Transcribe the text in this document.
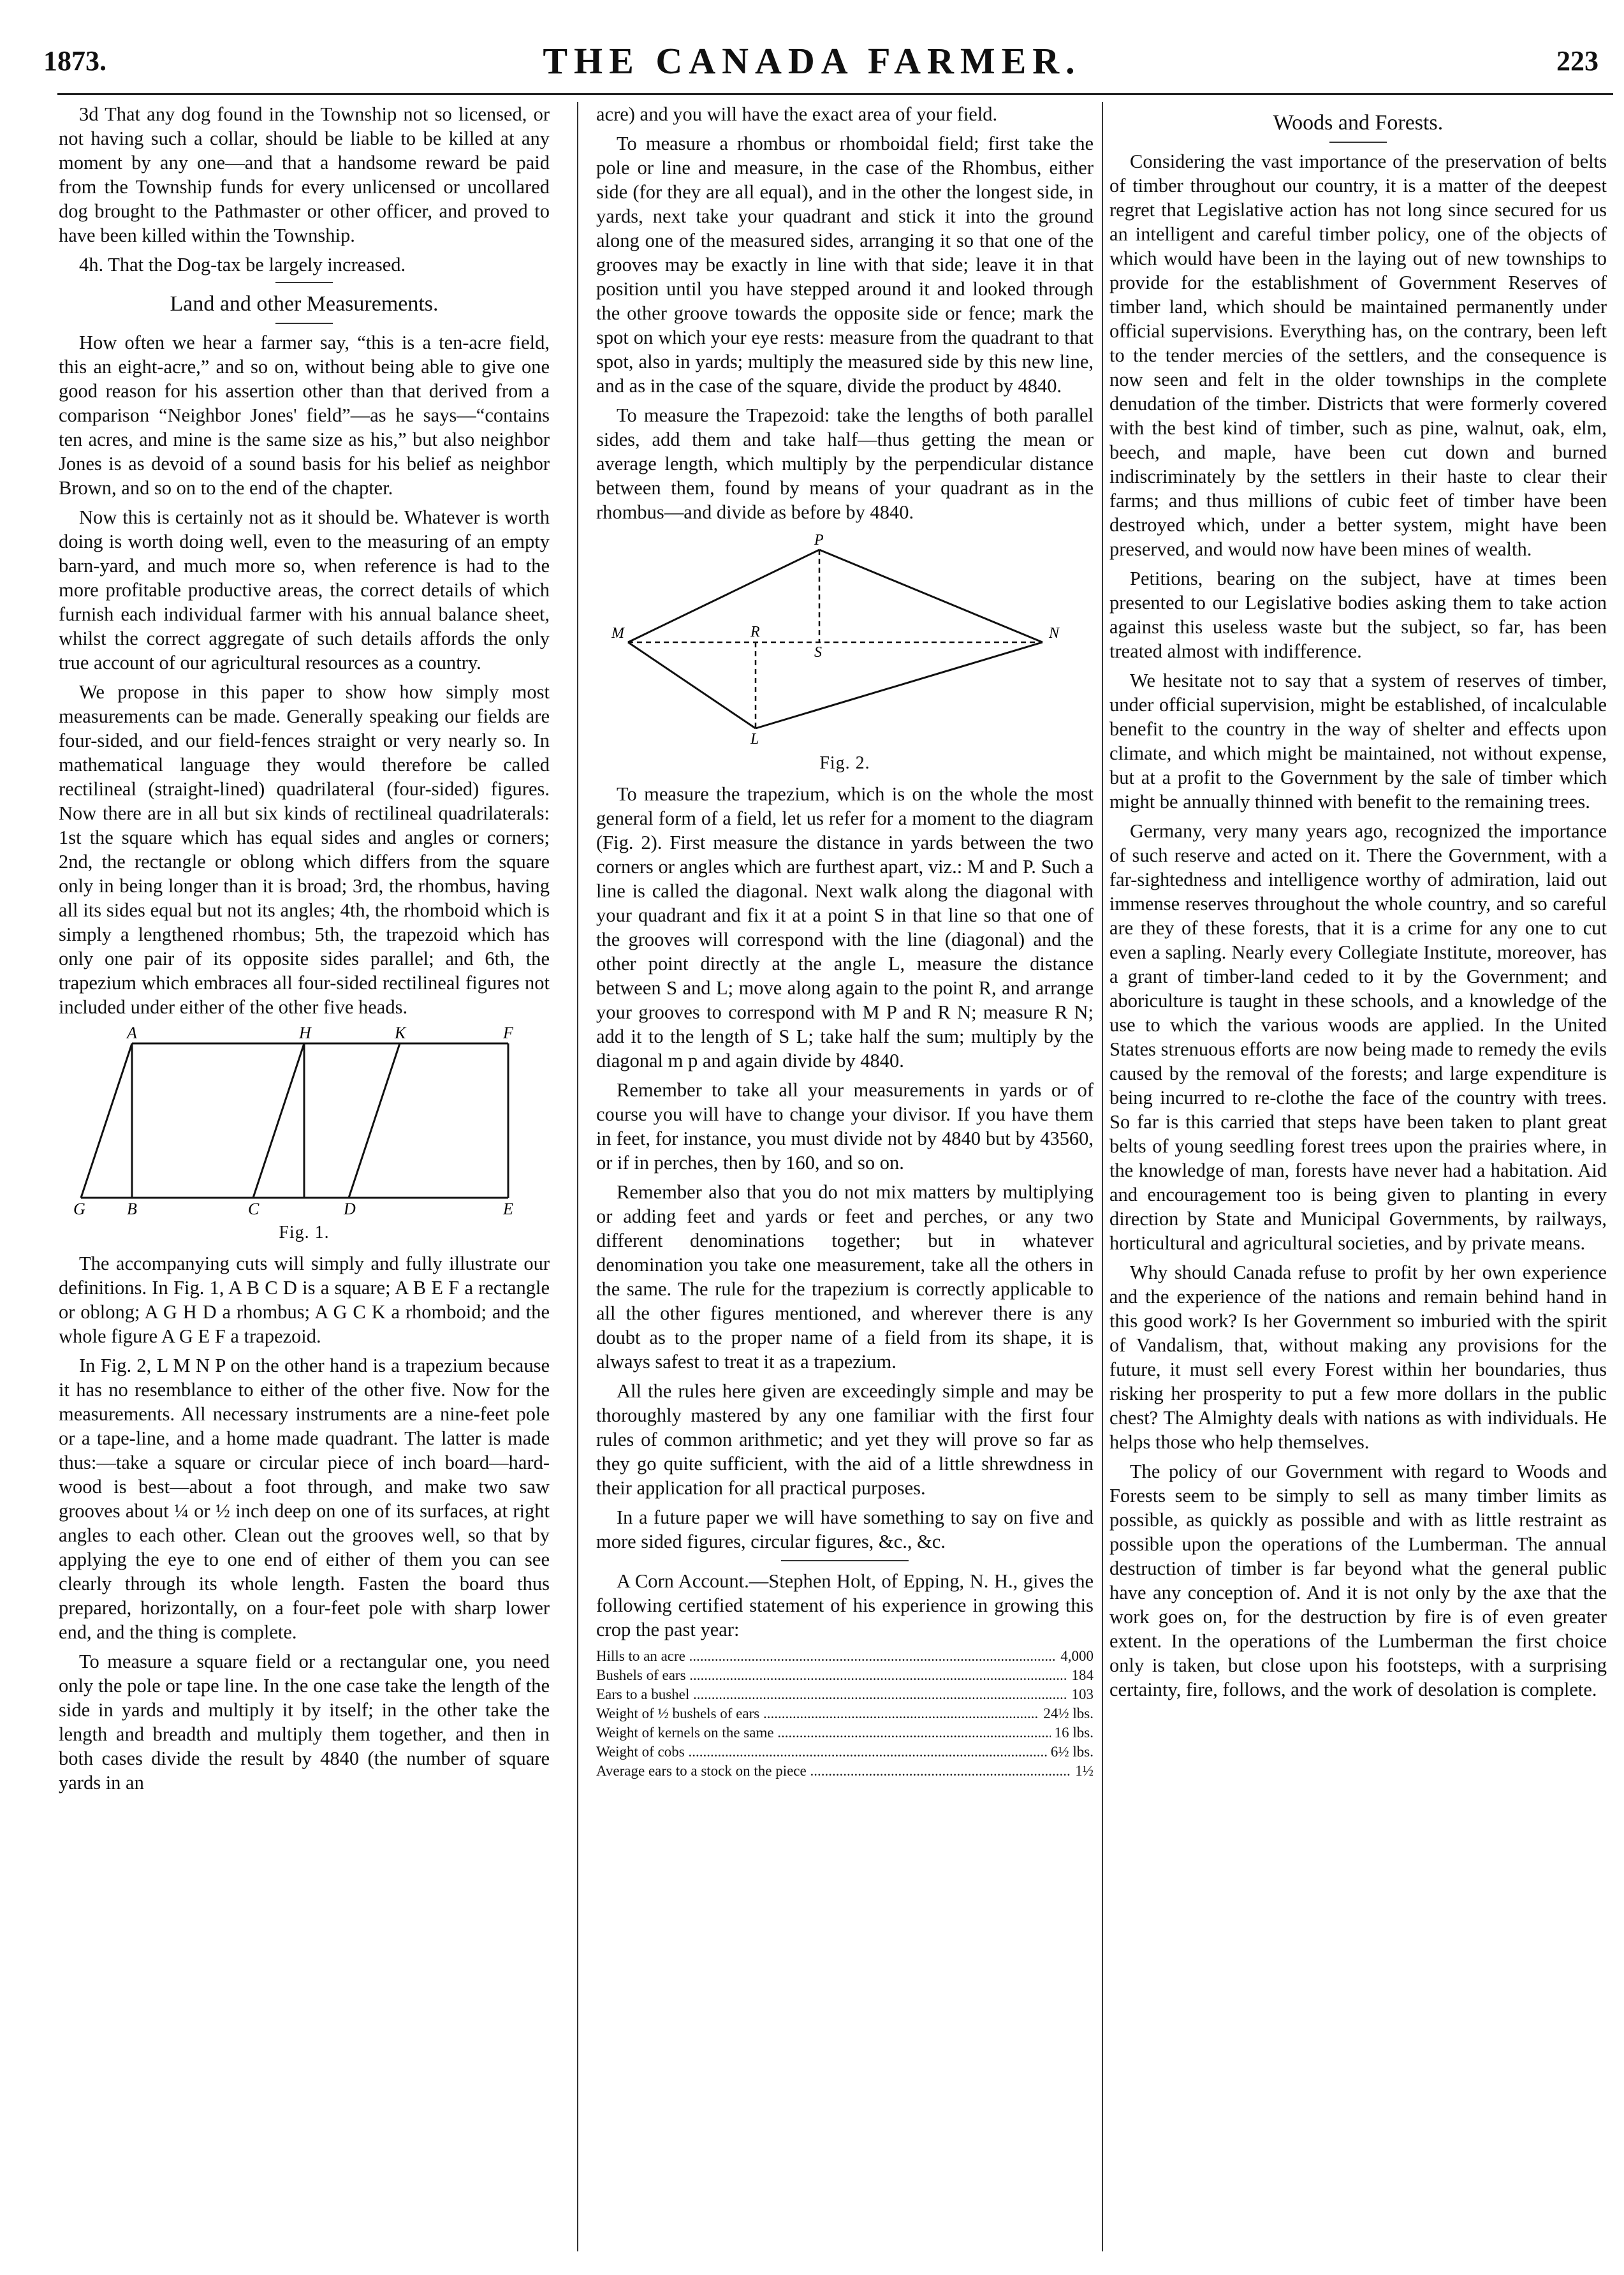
1873.	THE CANADA FARMER.	223

3d That any dog found in the Township not so licensed, or not having such a collar, should be liable to be killed at any moment by any one—and that a handsome reward be paid from the Township funds for every unlicensed or uncollared dog brought to the Pathmaster or other officer, and proved to have been killed within the Township.

4h. That the Dog-tax be largely increased.

Land and other Measurements.

How often we hear a farmer say, “this is a ten-acre field, this an eight-acre,” and so on, without being able to give one good reason for his assertion other than that derived from a comparison “Neighbor Jones' field”—as he says—“contains ten acres, and mine is the same size as his,” but also neighbor Jones is as devoid of a sound basis for his belief as neighbor Brown, and so on to the end of the chapter.

Now this is certainly not as it should be. Whatever is worth doing is worth doing well, even to the measuring of an empty barn-yard, and much more so, when reference is had to the more profitable productive areas, the correct details of which furnish each individual farmer with his annual balance sheet, whilst the correct aggregate of such details affords the only true account of our agricultural resources as a country.

We propose in this paper to show how simply most measurements can be made. Generally speaking our fields are four-sided, and our field-fences straight or very nearly so. In mathematical language they would therefore be called rectilineal (straight-lined) quadrilateral (four-sided) figures. Now there are in all but six kinds of rectilineal quadrilaterals: 1st the square which has equal sides and angles or corners; 2nd, the rectangle or oblong which differs from the square only in being longer than it is broad; 3rd, the rhombus, having all its sides equal but not its angles; 4th, the rhomboid which is simply a lengthened rhombus; 5th, the trapezoid which has only one pair of its opposite sides parallel; and 6th, the trapezium which embraces all four-sided rectilineal figures not included under either of the other five heads.

A	H	K	F
G	B	C	D	E
Fig. 1.

The accompanying cuts will simply and fully illustrate our definitions. In Fig. 1, A B C D is a square; A B E F a rectangle or oblong; A G H D a rhombus; A G C K a rhomboid; and the whole figure A G E F a trapezoid.

In Fig. 2, L M N P on the other hand is a trapezium because it has no resemblance to either of the other five. Now for the measurements. All necessary instruments are a nine-feet pole or a tape-line, and a home made quadrant. The latter is made thus:—take a square or circular piece of inch board—hard-wood is best—about a foot through, and make two saw grooves about ¼ or ½ inch deep on one of its surfaces, at right angles to each other. Clean out the grooves well, so that by applying the eye to one end of either of them you can see clearly through its whole length. Fasten the board thus prepared, horizontally, on a four-feet pole with sharp lower end, and the thing is complete.

To measure a square field or a rectangular one, you need only the pole or tape line. In the one case take the length of the side in yards and multiply it by itself; in the other take the length and breadth and multiply them together, and then in both cases divide the result by 4840 (the number of square yards in an

acre) and you will have the exact area of your field.

To measure a rhombus or rhomboidal field; first take the pole or line and measure, in the case of the Rhombus, either side (for they are all equal), and in the other the longest side, in yards, next take your quadrant and stick it into the ground along one of the measured sides, arranging it so that one of the grooves may be exactly in line with that side; leave it in that position until you have stepped around it and looked through the other groove towards the opposite side or fence; mark the spot on which your eye rests: measure from the quadrant to that spot, also in yards; multiply the measured side by this new line, and as in the case of the square, divide the product by 4840.

To measure the Trapezoid: take the lengths of both parallel sides, add them and take half—thus getting the mean or average length, which multiply by the perpendicular distance between them, found by means of your quadrant as in the rhombus—and divide as before by 4840.

P
M	R
S
N
L
Fig. 2.

To measure the trapezium, which is on the whole the most general form of a field, let us refer for a moment to the diagram (Fig. 2). First measure the distance in yards between the two corners or angles which are furthest apart, viz.: M and P. Such a line is called the diagonal. Next walk along the diagonal with your quadrant and fix it at a point S in that line so that one of the grooves will correspond with the line (diagonal) and the other point directly at the angle L, measure the distance between S and L; move along again to the point R, and arrange your grooves to correspond with M P and R N; measure R N; add it to the length of S L; take half the sum; multiply by the diagonal m p and again divide by 4840.

Remember to take all your measurements in yards or of course you will have to change your divisor. If you have them in feet, for instance, you must divide not by 4840 but by 43560, or if in perches, then by 160, and so on.

Remember also that you do not mix matters by multiplying or adding feet and yards or feet and perches, or any two different denominations together; but in whatever denomination you take one measurement, take all the others in the same. The rule for the trapezium is correctly applicable to all the other figures mentioned, and wherever there is any doubt as to the proper name of a field from its shape, it is always safest to treat it as a trapezium.

All the rules here given are exceedingly simple and may be thoroughly mastered by any one familiar with the first four rules of common arithmetic; and yet they will prove so far as they go quite sufficient, with the aid of a little shrewdness in their application for all practical purposes.

In a future paper we will have something to say on five and more sided figures, circular figures, &c., &c.

A Corn Account.—Stephen Holt, of Epping, N. H., gives the following certified statement of his experience in growing this crop the past year:

Hills to an acre .....	4,000
Bushels of ears .....	184
Ears to a bushel .....	103
Weight of ½ bushels of ears .....	24½ lbs.
Weight of kernels on the same .....	16 lbs.
Weight of cobs .....	6½ lbs.
Average ears to a stock on the piece .....	1½
Woods and Forests.

Considering the vast importance of the preservation of belts of timber throughout our country, it is a matter of the deepest regret that Legislative action has not long since secured for us an intelligent and careful timber policy, one of the objects of which would have been in the laying out of new townships to provide for the establishment of Government Reserves of timber land, which should be maintained permanently under official supervisions. Everything has, on the contrary, been left to the tender mercies of the settlers, and the consequence is now seen and felt in the older townships in the complete denudation of the timber. Districts that were formerly covered with the best kind of timber, such as pine, walnut, oak, elm, beech, and maple, have been cut down and burned indiscriminately by the settlers in their haste to clear their farms; and thus millions of cubic feet of timber have been destroyed which, under a better system, might have been preserved, and would now have been mines of wealth.

Petitions, bearing on the subject, have at times been presented to our Legislative bodies asking them to take action against this useless waste but the subject, so far, has been treated almost with indifference.

We hesitate not to say that a system of reserves of timber, under official supervision, might be established, of incalculable benefit to the country in the way of shelter and effects upon climate, and which might be maintained, not without expense, but at a profit to the Government by the sale of timber which might be annually thinned with benefit to the remaining trees.

Germany, very many years ago, recognized the importance of such reserve and acted on it. There the Government, with a far-sightedness and intelligence worthy of admiration, laid out immense reserves throughout the whole country, and so careful are they of these forests, that it is a crime for any one to cut even a sapling. Nearly every Collegiate Institute, moreover, has a grant of timber-land ceded to it by the Government; and aboriculture is taught in these schools, and a knowledge of the use to which the various woods are applied. In the United States strenuous efforts are now being made to remedy the evils caused by the removal of the forests; and large expenditure is being incurred to re-clothe the face of the country with trees. So far is this carried that steps have been taken to plant great belts of young seedling forest trees upon the prairies where, in the knowledge of man, forests have never had a habitation. Aid and encouragement too is being given to planting in every direction by State and Municipal Governments, by railways, horticultural and agricultural societies, and by private means.

Why should Canada refuse to profit by her own experience and the experience of the nations and remain behind hand in this good work? Is her Government so imburied with the spirit of Vandalism, that, without making any provisions for the future, it must sell every Forest within her boundaries, thus risking her prosperity to put a few more dollars in the public chest? The Almighty deals with nations as with individuals. He helps those who help themselves.

The policy of our Government with regard to Woods and Forests seem to be simply to sell as many timber limits as possible, as quickly as possible and with as little restraint as possible upon the operations of the Lumberman. The annual destruction of timber is far beyond what the general public have any conception of. And it is not only by the axe that the work goes on, for the destruction by fire is of even greater extent. In the operations of the Lumberman the first choice only is taken, but close upon his footsteps, with a surprising certainty, fire, follows, and the work of desolation is complete.
